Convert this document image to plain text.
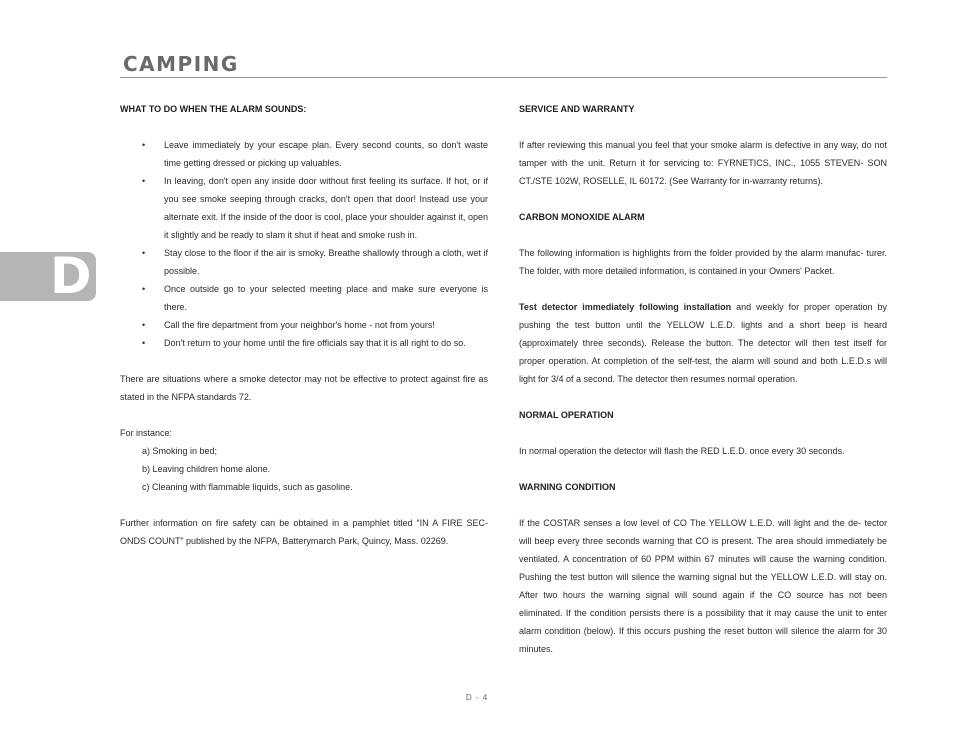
CAMPING
D

WHAT TO DO WHEN THE ALARM SOUNDS:

• Leave immediately by your escape plan. Every second counts, so don't waste time getting dressed or picking up valuables.
• In leaving, don't open any inside door without first feeling its surface. If hot, or if you see smoke seeping through cracks, don't open that door! Instead use your alternate exit. If the inside of the door is cool, place your shoulder against it, open it slightly and be ready to slam it shut if heat and smoke rush in.
• Stay close to the floor if the air is smoky. Breathe shallowly through a cloth, wet if possible.
• Once outside go to your selected meeting place and make sure everyone is there.
• Call the fire department from your neighbor's home - not from yours!
• Don't return to your home until the fire officials say that it is all right to do so.

There are situations where a smoke detector may not be effective to protect against fire as stated in the NFPA standards 72.

For instance:

a) Smoking in bed;

b) Leaving children home alone.

c) Cleaning with flammable liquids, such as gasoline.

Further information on fire safety can be obtained in a pamphlet titled “IN A FIRE SEC- ONDS COUNT” published by the NFPA, Batterymarch Park, Quincy, Mass. 02269.

SERVICE AND WARRANTY

If after reviewing this manual you feel that your smoke alarm is defective in any way, do not tamper with the unit. Return it for servicing to: FYRNETICS, INC., 1055 STEVEN- SON CT./STE 102W, ROSELLE, IL 60172. (See Warranty for in-warranty returns).

CARBON MONOXIDE ALARM

The following information is highlights from the folder provided by the alarm manufac- turer. The folder, with more detailed information, is contained in your Owners' Packet.

Test detector immediately following installation and weekly for proper operation by pushing the test button until the YELLOW L.E.D. lights and a short beep is heard (approximately three seconds). Release the button. The detector will then test itself for proper operation. At completion of the self-test, the alarm will sound and both L.E.D.s will light for 3/4 of a second. The detector then resumes normal operation.

NORMAL OPERATION

In normal operation the detector will flash the RED L.E.D. once every 30 seconds.

WARNING CONDITION

If the COSTAR senses a low level of CO The YELLOW L.E.D. will light and the de- tector will beep every three seconds warning that CO is present. The area should immediately be ventilated. A concentration of 60 PPM within 67 minutes will cause the warning condition. Pushing the test button will silence the warning signal but the YELLOW L.E.D. will stay on. After two hours the warning signal will sound again if the CO source has not been eliminated. If the condition persists there is a possibility that it may cause the unit to enter alarm condition (below). If this occurs pushing the reset button will silence the alarm for 30 minutes.

D - 4
